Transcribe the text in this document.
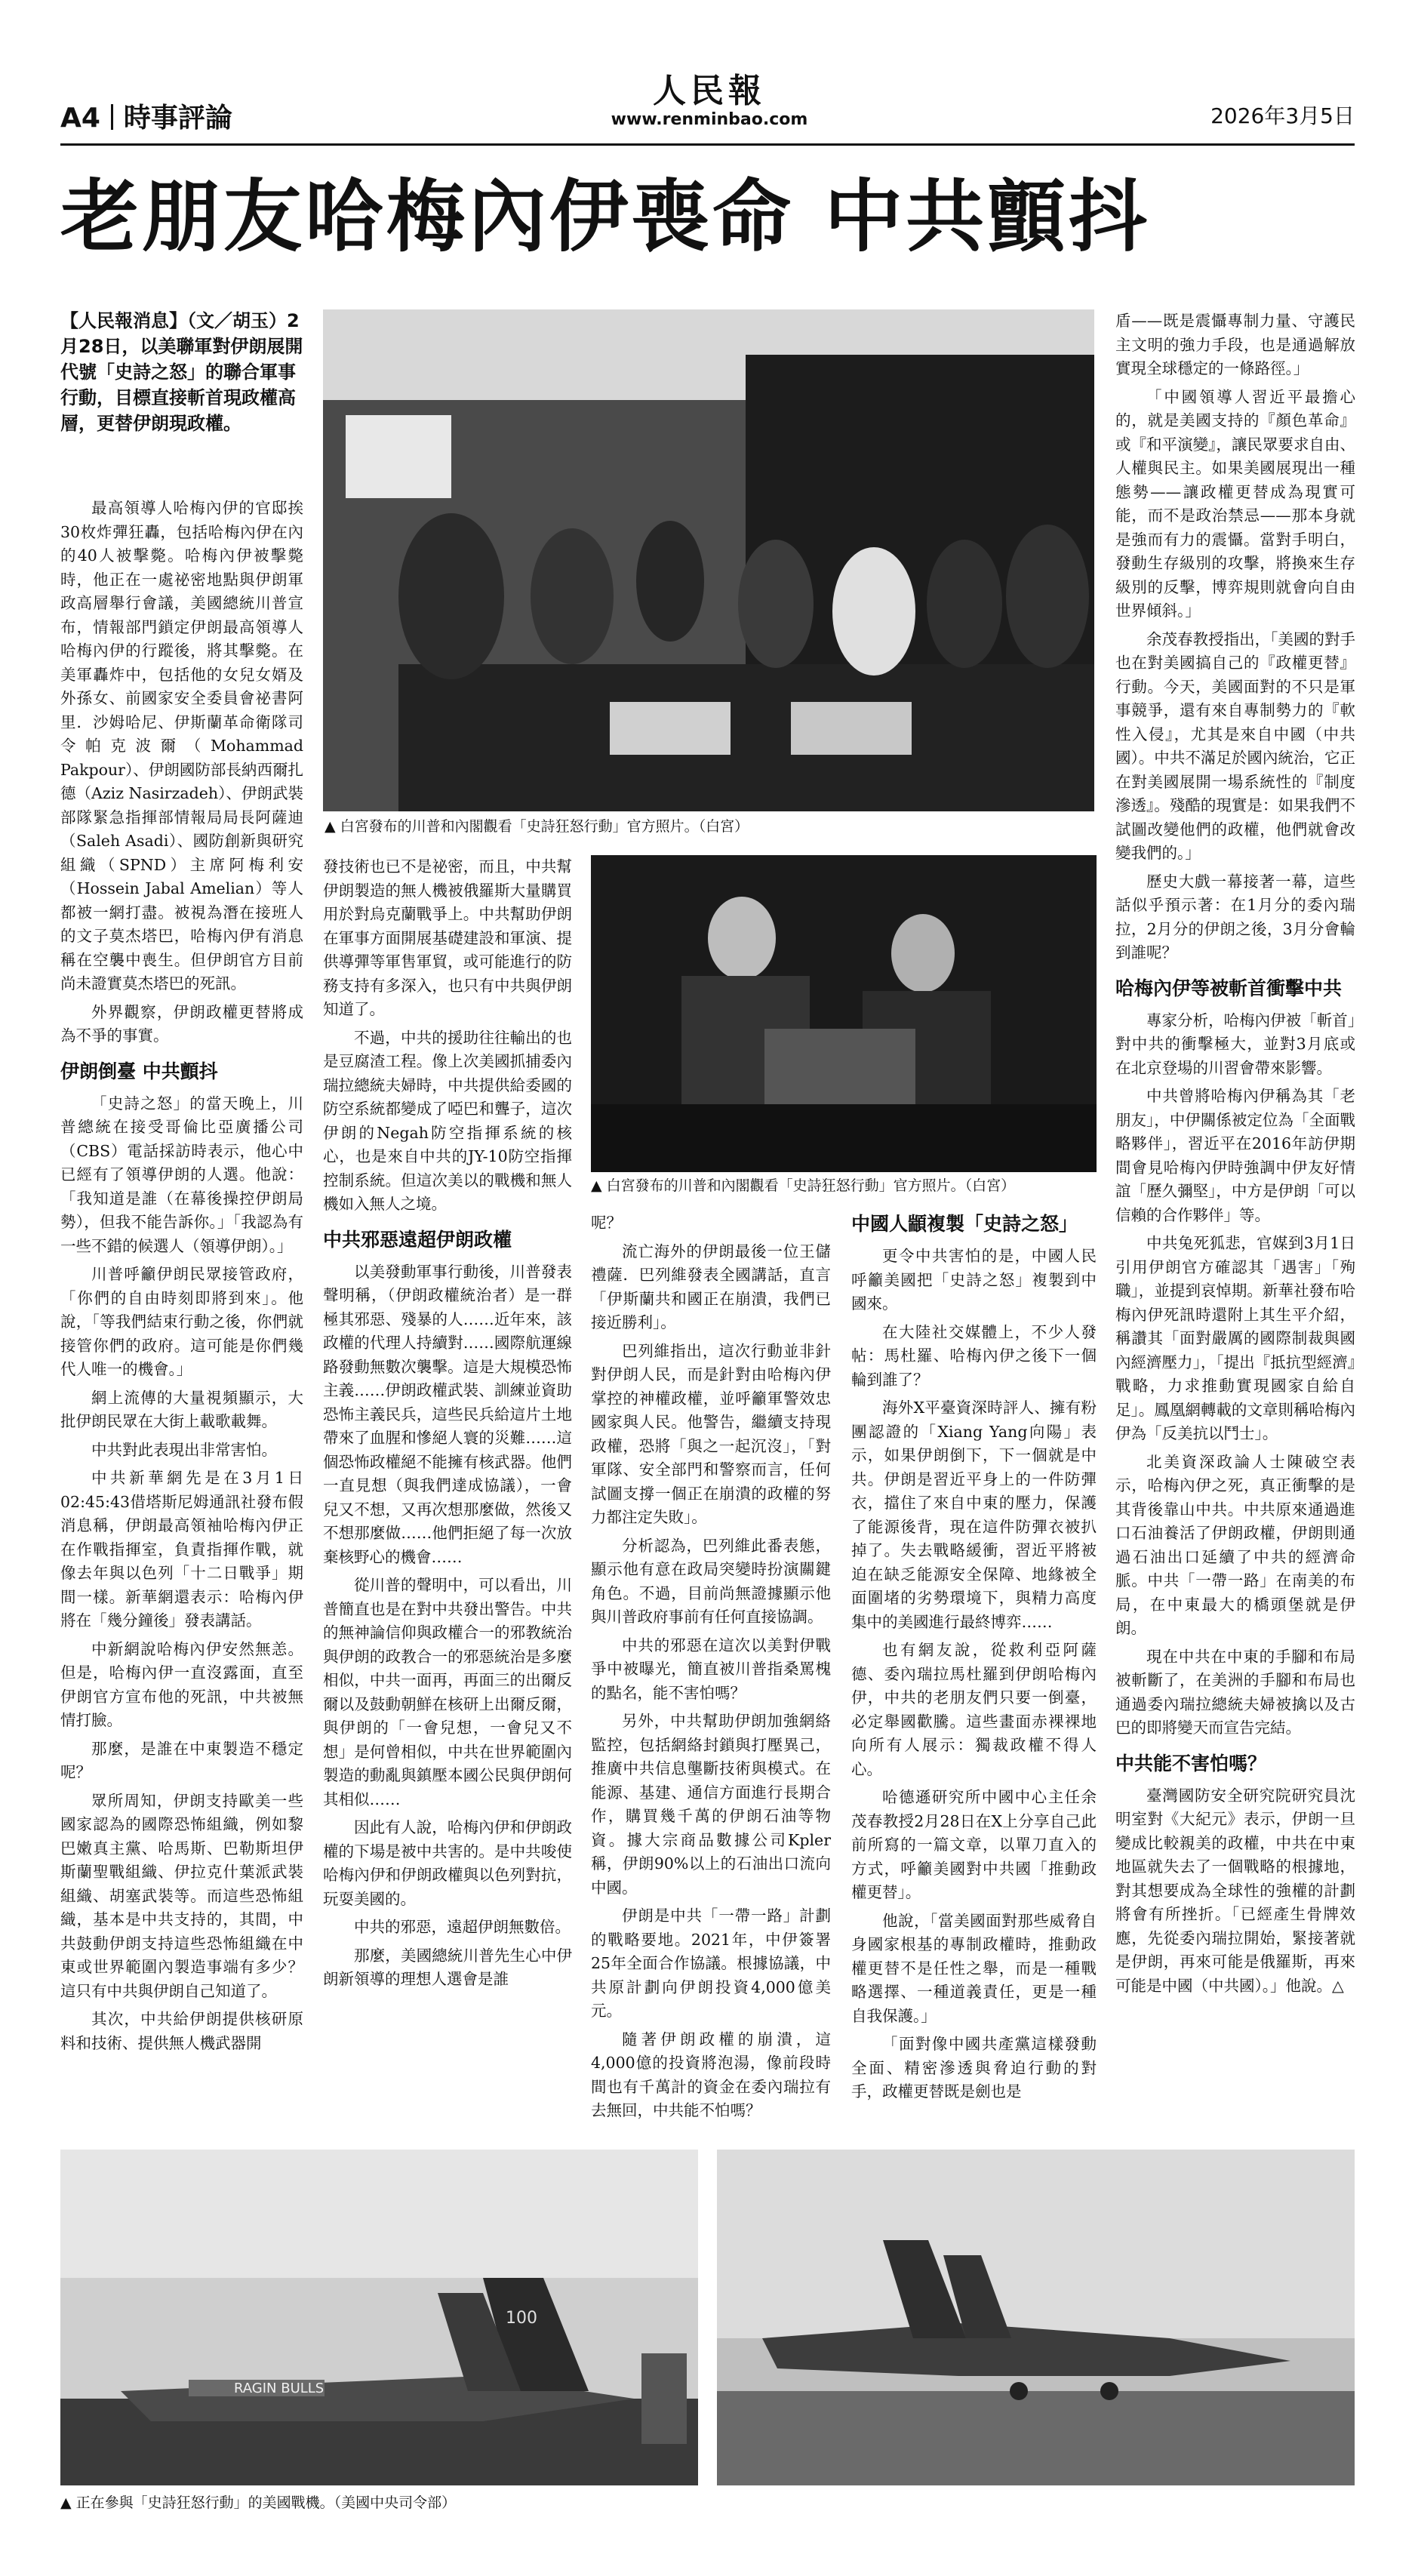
A4 時事評論	2026年3月5日
人民報
www.renminbao.com
老朋友哈梅內伊喪命 中共顫抖
【人民報消息】（文／胡玉）2月28日，以美聯軍對伊朗展開代號「史詩之怒」的聯合軍事行動，目標直接斬首現政權高層，更替伊朗現政權。
▲ 白宮發布的川普和內閣觀看「史詩狂怒行動」官方照片。（白宮）
▲ 白宮發布的川普和內閣觀看「史詩狂怒行動」官方照片。（白宮）

最高領導人哈梅內伊的官邸挨30枚炸彈狂轟，包括哈梅內伊在內的40人被擊斃。哈梅內伊被擊斃時，他正在一處祕密地點與伊朗軍政高層舉行會議，美國總統川普宣布，情報部門鎖定伊朗最高領導人哈梅內伊的行蹤後，將其擊斃。在美軍轟炸中，包括他的女兒女婿及外孫女、前國家安全委員會祕書阿里．沙姆哈尼、伊斯蘭革命衛隊司令帕克波爾（Mohammad Pakpour）、伊朗國防部長納西爾扎德（Aziz Nasirzadeh）、伊朗武裝部隊緊急指揮部情報局局長阿薩迪（Saleh Asadi）、國防創新與研究組織（SPND）主席阿梅利安（Hossein Jabal Amelian）等人都被一網打盡。被視為潛在接班人的文子莫杰塔巴，哈梅內伊有消息稱在空襲中喪生。但伊朗官方目前尚未證實莫杰塔巴的死訊。

外界觀察，伊朗政權更替將成為不爭的事實。

伊朗倒臺 中共顫抖

「史詩之怒」的當天晚上，川普總統在接受哥倫比亞廣播公司（CBS）電話採訪時表示，他心中已經有了領導伊朗的人選。他說：「我知道是誰（在幕後操控伊朗局勢），但我不能告訴你。」「我認為有一些不錯的候選人（領導伊朗）。」

川普呼籲伊朗民眾接管政府，「你們的自由時刻即將到來」。他說，「等我們結束行動之後，你們就接管你們的政府。這可能是你們幾代人唯一的機會。」

網上流傳的大量視頻顯示，大批伊朗民眾在大街上載歌載舞。

中共對此表現出非常害怕。

中共新華網先是在3月1日02:45:43借塔斯尼姆通訊社發布假消息稱，伊朗最高領袖哈梅內伊正在作戰指揮室，負責指揮作戰，就像去年與以色列「十二日戰爭」期間一樣。新華網還表示：哈梅內伊將在「幾分鐘後」發表講話。

中新網說哈梅內伊安然無恙。但是，哈梅內伊一直沒露面，直至伊朗官方宣布他的死訊，中共被無情打臉。

那麼，是誰在中東製造不穩定呢？

眾所周知，伊朗支持歐美一些國家認為的國際恐怖組織，例如黎巴嫩真主黨、哈馬斯、巴勒斯坦伊斯蘭聖戰組織、伊拉克什葉派武裝組織、胡塞武裝等。而這些恐怖組織，基本是中共支持的，其間，中共鼓動伊朗支持這些恐怖組織在中東或世界範圍內製造事端有多少？這只有中共與伊朗自己知道了。

其次，中共給伊朗提供核研原料和技術、提供無人機武器開

發技術也已不是祕密，而且，中共幫伊朗製造的無人機被俄羅斯大量購買用於對烏克蘭戰爭上。中共幫助伊朗在軍事方面開展基礎建設和軍演、提供導彈等軍售軍貿，或可能進行的防務支持有多深入，也只有中共與伊朗知道了。

不過，中共的援助往往輸出的也是豆腐渣工程。像上次美國抓捕委內瑞拉總統夫婦時，中共提供給委國的防空系統都變成了啞巴和聾子，這次伊朗的Negah防空指揮系統的核心，也是來自中共的JY-10防空指揮控制系統。但這次美以的戰機和無人機如入無人之境。

中共邪惡遠超伊朗政權

以美發動軍事行動後，川普發表聲明稱，（伊朗政權統治者）是一群極其邪惡、殘暴的人……近年來，該政權的代理人持續對……國際航運線路發動無數次襲擊。這是大規模恐怖主義……伊朗政權武裝、訓練並資助恐怖主義民兵，這些民兵給這片土地帶來了血腥和慘絕人寰的災難……這個恐怖政權絕不能擁有核武器。他們一直見想（與我們達成協議），一會兒又不想，又再次想那麼做，然後又不想那麼做……他們拒絕了每一次放棄核野心的機會……

從川普的聲明中，可以看出，川普簡直也是在對中共發出警告。中共的無神論信仰與政權合一的邪教統治與伊朗的政教合一的邪惡統治是多麼相似，中共一面再，再面三的出爾反爾以及鼓動朝鮮在核研上出爾反爾，與伊朗的「一會兒想，一會兒又不想」是何曾相似，中共在世界範圍內製造的動亂與鎮壓本國公民與伊朗何其相似……

因此有人說，哈梅內伊和伊朗政權的下場是被中共害的。是中共唆使哈梅內伊和伊朗政權與以色列對抗，玩耍美國的。

中共的邪惡，遠超伊朗無數倍。

那麼，美國總統川普先生心中伊朗新領導的理想人選會是誰

呢？

流亡海外的伊朗最後一位王儲禮薩．巴列維發表全國講話，直言「伊斯蘭共和國正在崩潰，我們已接近勝利」。

巴列維指出，這次行動並非針對伊朗人民，而是針對由哈梅內伊掌控的神權政權，並呼籲軍警效忠國家與人民。他警告，繼續支持現政權，恐將「與之一起沉沒」，「對軍隊、安全部門和警察而言，任何試圖支撐一個正在崩潰的政權的努力都注定失敗」。

分析認為，巴列維此番表態，顯示他有意在政局突變時扮演關鍵角色。不過，目前尚無證據顯示他與川普政府事前有任何直接協調。

中共的邪惡在這次以美對伊戰爭中被曝光，簡直被川普指桑罵槐的點名，能不害怕嗎？

另外，中共幫助伊朗加強網絡監控，包括網絡封鎖與打壓異己，推廣中共信息壟斷技術與模式。在能源、基建、通信方面進行長期合作，購買幾千萬的伊朗石油等物資。據大宗商品數據公司Kpler稱，伊朗90%以上的石油出口流向中國。

伊朗是中共「一帶一路」計劃的戰略要地。2021年，中伊簽署25年全面合作協議。根據協議，中共原計劃向伊朗投資4,000億美元。

隨著伊朗政權的崩潰，這4,000億的投資將泡湯，像前段時間也有千萬計的資金在委內瑞拉有去無回，中共能不怕嗎？

中國人顓複製「史詩之怒」

更令中共害怕的是，中國人民呼籲美國把「史詩之怒」複製到中國來。

在大陸社交媒體上，不少人發帖：馬杜羅、哈梅內伊之後下一個輪到誰了？

海外X平臺資深時評人、擁有粉團認證的「Xiang Yang向陽」表示，如果伊朗倒下，下一個就是中共。伊朗是習近平身上的一件防彈衣，擋住了來自中東的壓力，保護了能源後背，現在這件防彈衣被扒掉了。失去戰略緩衝，習近平將被迫在缺乏能源安全保障、地緣被全面圍堵的劣勢環境下，與精力高度集中的美國進行最終博弈……

也有網友說，從救利亞阿薩德、委內瑞拉馬杜羅到伊朗哈梅內伊，中共的老朋友們只要一倒臺，必定舉國歡騰。這些畫面赤裸裸地向所有人展示：獨裁政權不得人心。

哈德遜研究所中國中心主任余茂春教授2月28日在X上分享自己此前所寫的一篇文章，以單刀直入的方式，呼籲美國對中共國「推動政權更替」。

他說，「當美國面對那些威脅自身國家根基的專制政權時，推動政權更替不是任性之舉，而是一種戰略選擇、一種道義責任，更是一種自我保護。」

「面對像中國共產黨這樣發動全面、精密滲透與脅迫行動的對手，政權更替既是劍也是

盾——既是震懾專制力量、守護民主文明的強力手段，也是通過解放實現全球穩定的一條路徑。」

「中國領導人習近平最擔心的，就是美國支持的『顏色革命』或『和平演變』，讓民眾要求自由、人權與民主。如果美國展現出一種態勢——讓政權更替成為現實可能，而不是政治禁忌——那本身就是強而有力的震懾。當對手明白，發動生存級別的攻擊，將換來生存級別的反擊，博弈規則就會向自由世界傾斜。」

余茂春教授指出，「美國的對手也在對美國搞自己的『政權更替』行動。今天，美國面對的不只是軍事競爭，還有來自專制勢力的『軟性入侵』，尤其是來自中國（中共國）。中共不滿足於國內統治，它正在對美國展開一場系統性的『制度滲透』。殘酷的現實是：如果我們不試圖改變他們的政權，他們就會改變我們的。」

歷史大戲一幕接著一幕，這些話似乎預示著：在1月分的委內瑞拉，2月分的伊朗之後，3月分會輪到誰呢？

哈梅內伊等被斬首衝擊中共

專家分析，哈梅內伊被「斬首」對中共的衝擊極大，並對3月底或在北京登場的川習會帶來影響。

中共曾將哈梅內伊稱為其「老朋友」，中伊關係被定位為「全面戰略夥伴」，習近平在2016年訪伊期間會見哈梅內伊時強調中伊友好情誼「歷久彌堅」，中方是伊朗「可以信賴的合作夥伴」等。

中共兔死狐悲，官媒到3月1日引用伊朗官方確認其「遇害」「殉職」，並提到哀悼期。新華社發布哈梅內伊死訊時還附上其生平介紹，稱讚其「面對嚴厲的國際制裁與國內經濟壓力」，「提出『抵抗型經濟』戰略，力求推動實現國家自給自足」。鳳凰網轉載的文章則稱哈梅內伊為「反美抗以鬥士」。

北美資深政論人士陳破空表示，哈梅內伊之死，真正衝擊的是其背後靠山中共。中共原來通過進口石油養活了伊朗政權，伊朗則通過石油出口延續了中共的經濟命脈。中共「一帶一路」在南美的布局，在中東最大的橋頭堡就是伊朗。

現在中共在中東的手腳和布局被斬斷了，在美洲的手腳和布局也通過委內瑞拉總統夫婦被擒以及古巴的即將變天而宣告完結。

中共能不害怕嗎？

臺灣國防安全研究院研究員沈明室對《大紀元》表示，伊朗一旦變成比較親美的政權，中共在中東地區就失去了一個戰略的根據地，對其想要成為全球性的強權的計劃將會有所挫折。「已經產生骨牌效應，先從委內瑞拉開始，緊接著就是伊朗，再來可能是俄羅斯，再來可能是中國（中共國）。」他說。△

100
RAGIN BULLS
▲ 正在參與「史詩狂怒行動」的美國戰機。（美國中央司令部）
